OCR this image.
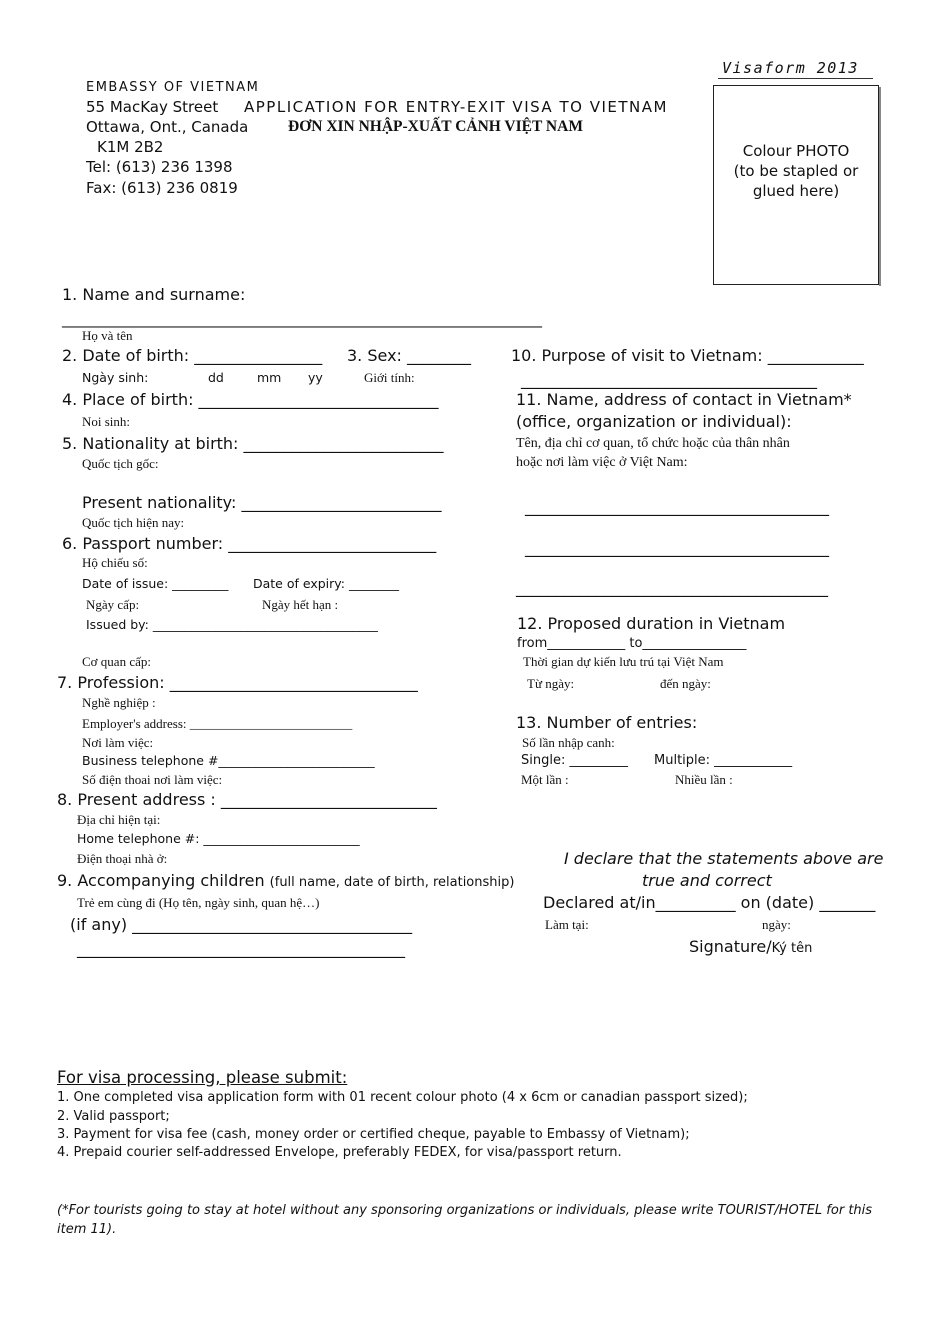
Visaform 2013
EMBASSY OF VIETNAM
55 MacKay Street
Ottawa, Ont., Canada
K1M 2B2
Tel: (613) 236 1398
Fax: (613) 236 0819
APPLICATION FOR ENTRY-EXIT VISA TO VIETNAM
ĐƠN XIN NHẬP-XUẤT CẢNH VIỆT NAM
Colour PHOTO
(to be stapled or
glued here)
1. Name and surname:
________________________________________________________________
Họ và tên
2. Date of birth: ________________ 3. Sex: ________
Ngày sinh:	dd	mm yy	Giới tính:
4. Place of birth: ______________________________
Noi sinh:
5. Nationality at birth: _________________________
Quốc tịch gốc:
Present nationality: _________________________
Quốc tịch hiện nay:
6. Passport number: __________________________
Hộ chiếu số:
Date of issue: _________ Date of expiry: ________
Ngày cấp:	Ngày hết hạn :
Issued by: ____________________________________
Cơ quan cấp:
7. Profession: _______________________________
Nghề nghiệp :
Employer's address: _________________________
Nơi làm việc:
Business telephone #_________________________
Số điện thoai nơi làm việc:
8. Present address : ___________________________
Địa chỉ hiện tại:
Home telephone #: _________________________
Điện thoại nhà ở:
9. Accompanying children (full name, date of birth, relationship)
Trẻ em cùng đi (Họ tên, ngày sinh, quan hệ…)
(if any) ___________________________________
_________________________________________
10. Purpose of visit to Vietnam: ____________
_____________________________________
11. Name, address of contact in Vietnam*
(office, organization or individual):
Tên, địa chỉ cơ quan, tổ chức hoặc của thân nhân
hoặc nơi làm việc ở Việt Nam:
______________________________________
______________________________________
_______________________________________
12. Proposed duration in Vietnam
from____________ to________________
Thời gian dự kiến lưu trú tại Việt Nam
Từ ngày:	đến ngày:
13. Number of entries:
Số lần nhập canh:
Single: _________ Multiple: ____________
Một lần :	Nhiều lần :
I declare that the statements above are
true and correct
Declared at/in__________ on (date) _______
Làm tại:	ngày:
Signature/Ký tên
For visa processing, please submit:
1. One completed visa application form with 01 recent colour photo (4 x 6cm or canadian passport sized);
2. Valid passport;
3. Payment for visa fee (cash, money order or certified cheque, payable to Embassy of Vietnam);
4. Prepaid courier self-addressed Envelope, preferably FEDEX, for visa/passport return.
(*For tourists going to stay at hotel without any sponsoring organizations or individuals, please write TOURIST/HOTEL for this
item 11).
